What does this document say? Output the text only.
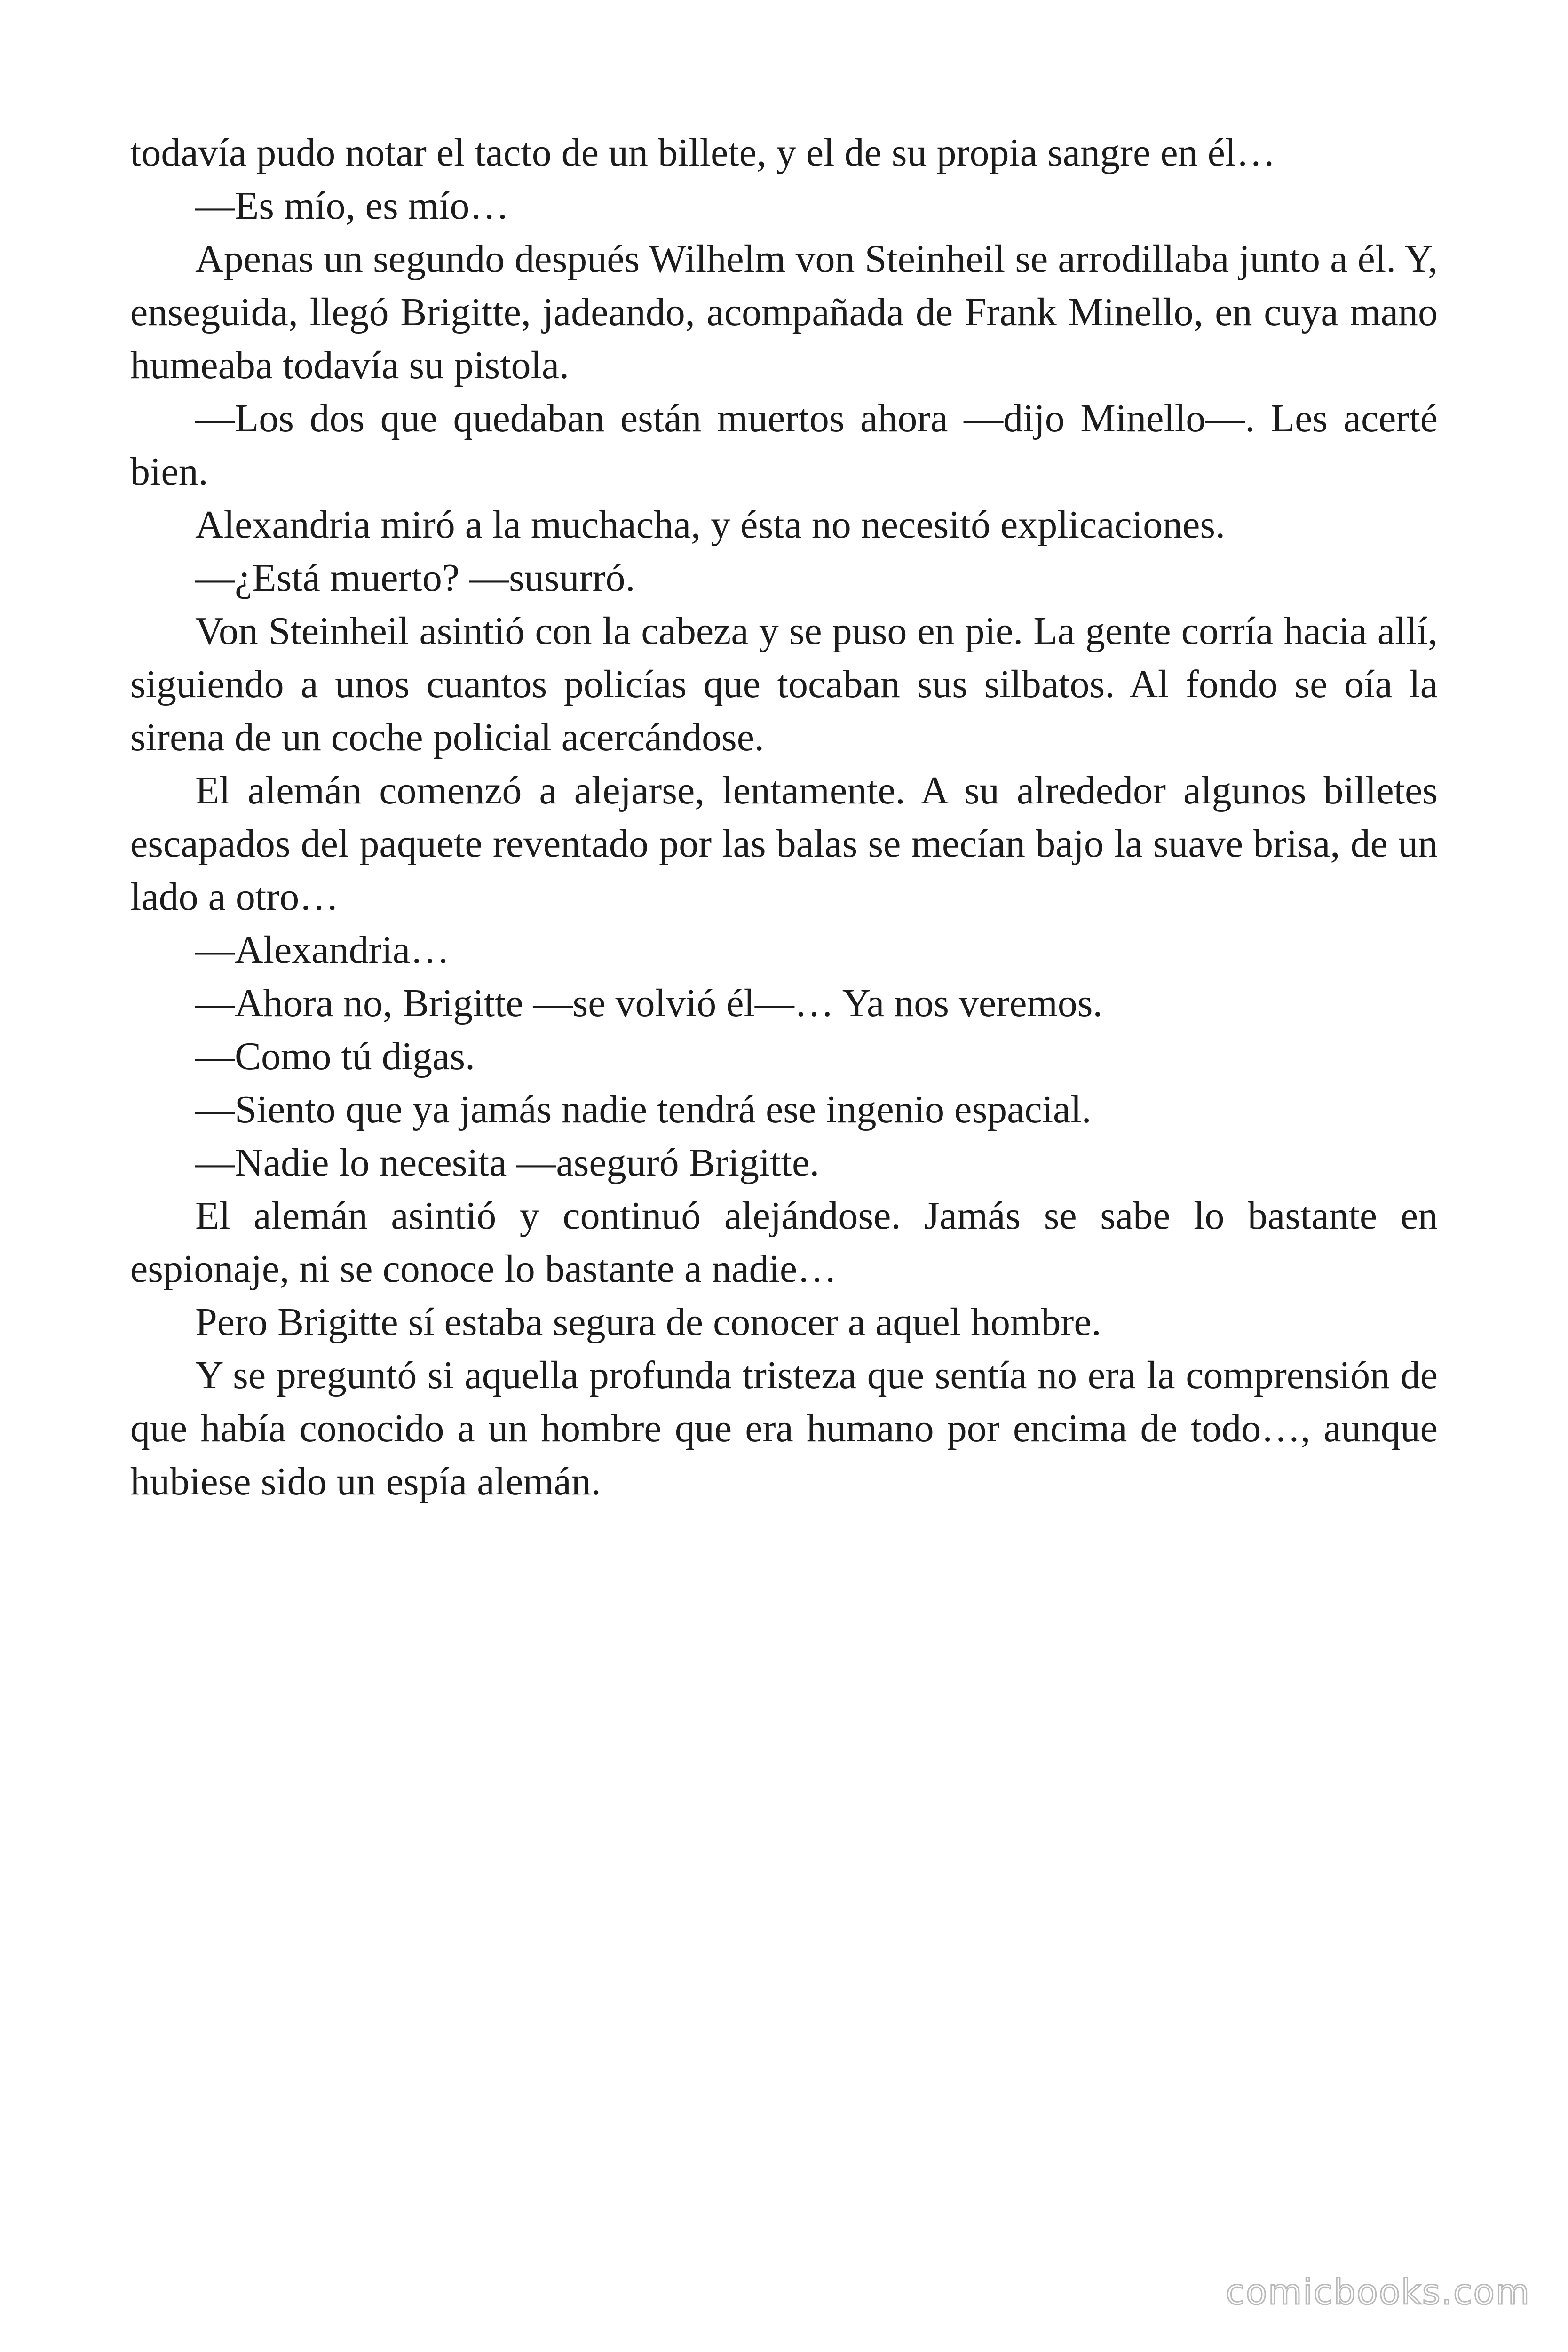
todavía pudo notar el tacto de un billete, y el de su propia sangre en él…

—Es mío, es mío…

Apenas un segundo después Wilhelm von Steinheil se arrodillaba junto a él. Y, enseguida, llegó Brigitte, jadeando, acompañada de Frank Minello, en cuya mano humeaba todavía su pistola.

—Los dos que quedaban están muertos ahora —dijo Minello—. Les acerté bien.

Alexandria miró a la muchacha, y ésta no necesitó explicaciones.

—¿Está muerto? —susurró.

Von Steinheil asintió con la cabeza y se puso en pie. La gente corría hacia allí, siguiendo a unos cuantos policías que tocaban sus silbatos. Al fondo se oía la sirena de un coche policial acercándose.

El alemán comenzó a alejarse, lentamente. A su alrededor algunos billetes escapados del paquete reventado por las balas se mecían bajo la suave brisa, de un lado a otro…

—Alexandria…

—Ahora no, Brigitte —se volvió él—… Ya nos veremos.

—Como tú digas.

—Siento que ya jamás nadie tendrá ese ingenio espacial.

—Nadie lo necesita —aseguró Brigitte.

El alemán asintió y continuó alejándose. Jamás se sabe lo bastante en espionaje, ni se conoce lo bastante a nadie…

Pero Brigitte sí estaba segura de conocer a aquel hombre.

Y se preguntó si aquella profunda tristeza que sentía no era la comprensión de que había conocido a un hombre que era humano por encima de todo…, aunque hubiese sido un espía alemán.

comicbooks.com
